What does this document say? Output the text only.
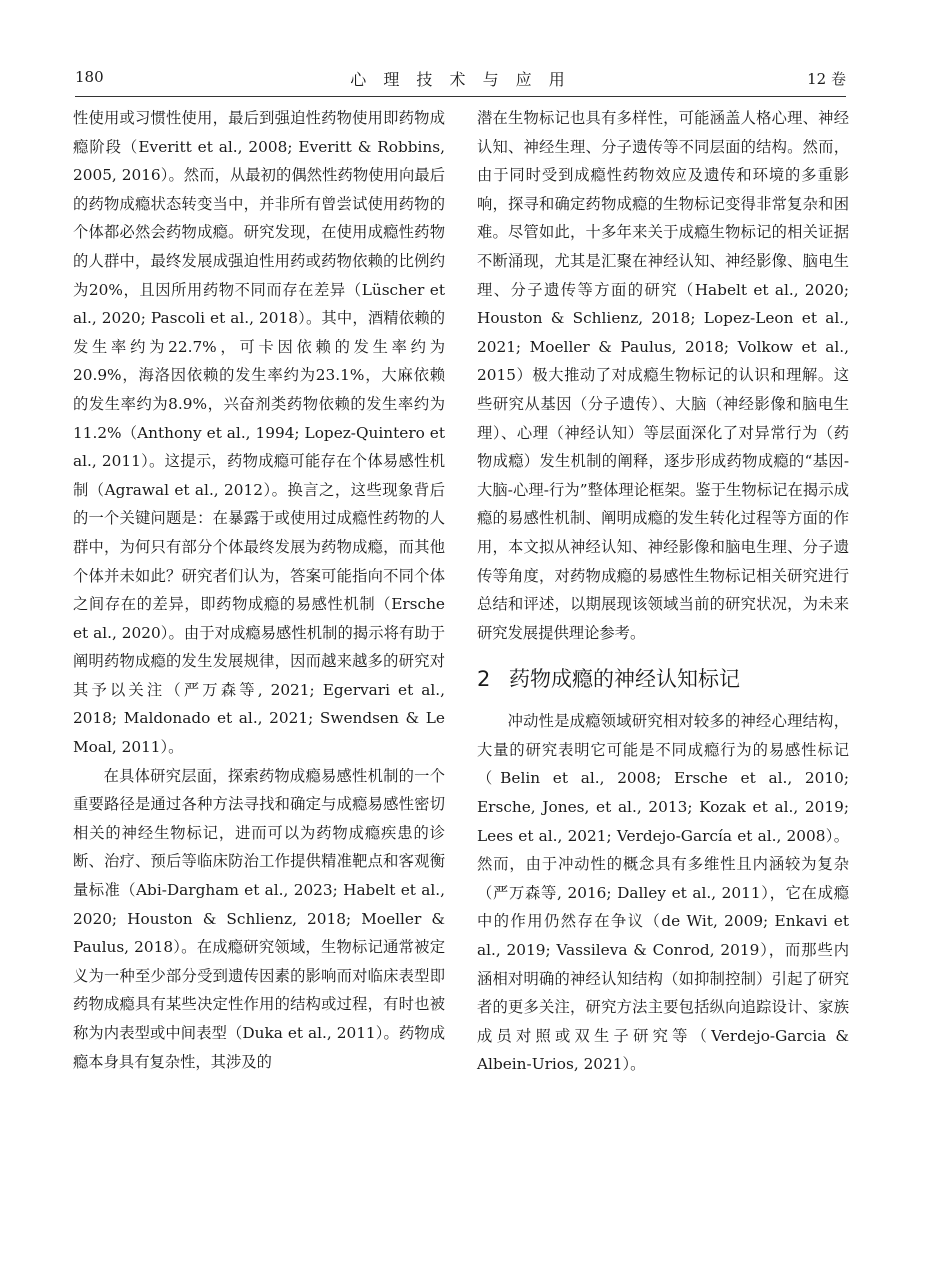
180	心 理 技 术 与 应 用	12 卷

性使用或习惯性使用，最后到强迫性药物使用即药物成瘾阶段（Everitt et al., 2008; Everitt & Robbins, 2005, 2016）。然而，从最初的偶然性药物使用向最后的药物成瘾状态转变当中，并非所有曾尝试使用药物的个体都必然会药物成瘾。研究发现，在使用成瘾性药物的人群中，最终发展成强迫性用药或药物依赖的比例约为20%，且因所用药物不同而存在差异（Lüscher et al., 2020; Pascoli et al., 2018）。其中，酒精依赖的发生率约为22.7%，可卡因依赖的发生率约为20.9%，海洛因依赖的发生率约为23.1%，大麻依赖的发生率约为8.9%，兴奋剂类药物依赖的发生率约为11.2%（Anthony et al., 1994; Lopez-Quintero et al., 2011）。这提示，药物成瘾可能存在个体易感性机制（Agrawal et al., 2012）。换言之，这些现象背后的一个关键问题是：在暴露于或使用过成瘾性药物的人群中，为何只有部分个体最终发展为药物成瘾，而其他个体并未如此？研究者们认为，答案可能指向不同个体之间存在的差异，即药物成瘾的易感性机制（Ersche et al., 2020）。由于对成瘾易感性机制的揭示将有助于阐明药物成瘾的发生发展规律，因而越来越多的研究对其予以关注（严万森等, 2021; Egervari et al., 2018; Maldonado et al., 2021; Swendsen & Le Moal, 2011）。

在具体研究层面，探索药物成瘾易感性机制的一个重要路径是通过各种方法寻找和确定与成瘾易感性密切相关的神经生物标记，进而可以为药物成瘾疾患的诊断、治疗、预后等临床防治工作提供精准靶点和客观衡量标准（Abi-Dargham et al., 2023; Habelt et al., 2020; Houston & Schlienz, 2018; Moeller & Paulus, 2018）。在成瘾研究领域，生物标记通常被定义为一种至少部分受到遗传因素的影响而对临床表型即药物成瘾具有某些决定性作用的结构或过程，有时也被称为内表型或中间表型（Duka et al., 2011）。药物成瘾本身具有复杂性，其涉及的

潜在生物标记也具有多样性，可能涵盖人格心理、神经认知、神经生理、分子遗传等不同层面的结构。然而，由于同时受到成瘾性药物效应及遗传和环境的多重影响，探寻和确定药物成瘾的生物标记变得非常复杂和困难。尽管如此，十多年来关于成瘾生物标记的相关证据不断涌现，尤其是汇聚在神经认知、神经影像、脑电生理、分子遗传等方面的研究（Habelt et al., 2020; Houston & Schlienz, 2018; Lopez-Leon et al., 2021; Moeller & Paulus, 2018; Volkow et al., 2015）极大推动了对成瘾生物标记的认识和理解。这些研究从基因（分子遗传）、大脑（神经影像和脑电生理）、心理（神经认知）等层面深化了对异常行为（药物成瘾）发生机制的阐释，逐步形成药物成瘾的“基因-大脑-心理-行为”整体理论框架。鉴于生物标记在揭示成瘾的易感性机制、阐明成瘾的发生转化过程等方面的作用，本文拟从神经认知、神经影像和脑电生理、分子遗传等角度，对药物成瘾的易感性生物标记相关研究进行总结和评述，以期展现该领域当前的研究状况，为未来研究发展提供理论参考。

2 药物成瘾的神经认知标记

冲动性是成瘾领域研究相对较多的神经心理结构，大量的研究表明它可能是不同成瘾行为的易感性标记（Belin et al., 2008; Ersche et al., 2010; Ersche, Jones, et al., 2013; Kozak et al., 2019; Lees et al., 2021; Verdejo-García et al., 2008）。然而，由于冲动性的概念具有多维性且内涵较为复杂（严万森等, 2016; Dalley et al., 2011），它在成瘾中的作用仍然存在争议（de Wit, 2009; Enkavi et al., 2019; Vassileva & Conrod, 2019），而那些内涵相对明确的神经认知结构（如抑制控制）引起了研究者的更多关注，研究方法主要包括纵向追踪设计、家族成员对照或双生子研究等（Verdejo-Garcia & Albein-Urios, 2021）。
